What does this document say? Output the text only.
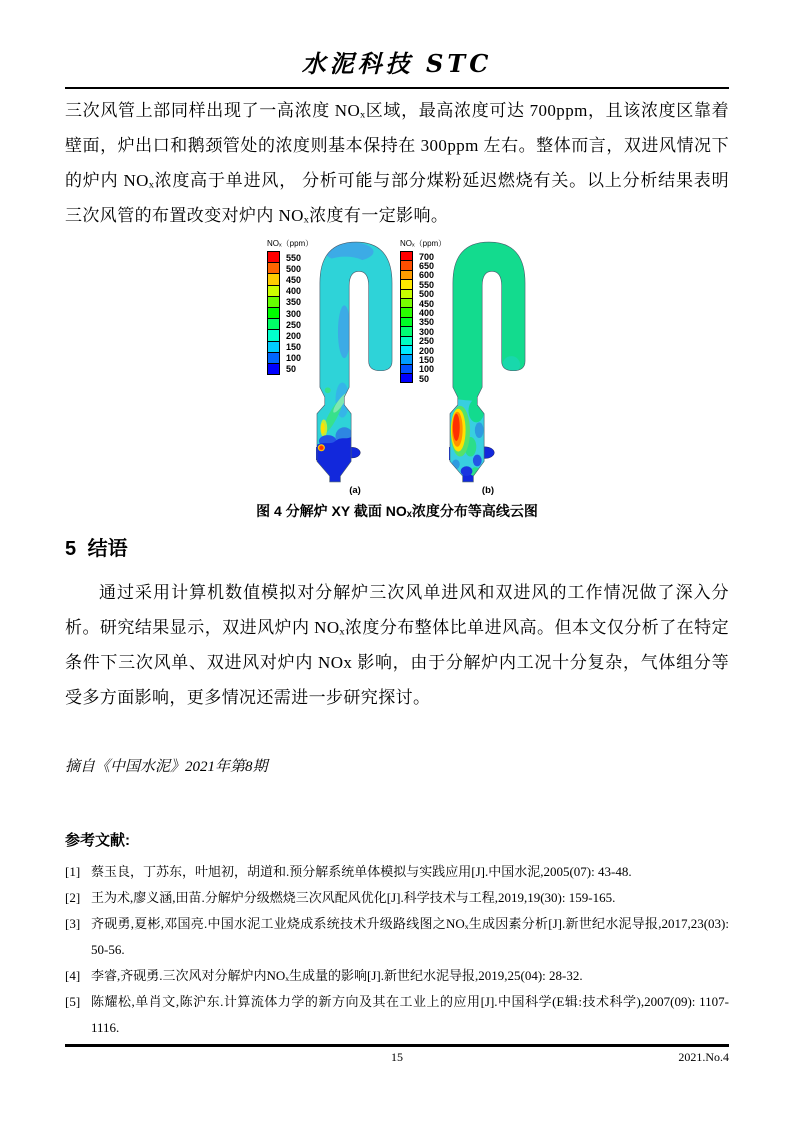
水泥科技 STC

三次风管上部同样出现了一高浓度 NOₓ区域，最高浓度可达 700ppm，且该浓度区靠着壁面，炉出口和鹅颈管处的浓度则基本保持在 300ppm 左右。整体而言，双进风情况下的炉内 NOₓ浓度高于单进风， 分析可能与部分煤粉延迟燃烧有关。以上分析结果表明三次风管的布置改变对炉内 NOₓ浓度有一定影响。

NOₓ（ppm）
550
500
450
400
350
300
250
200
150
100
50
(a)
NOₓ（ppm）
700
650
600
550
500
450
400
350
300
250
200
150
100
50
(b)
图 4 分解炉 XY 截面 NOₓ浓度分布等高线云图
5 结语

通过采用计算机数值模拟对分解炉三次风单进风和双进风的工作情况做了深入分析。研究结果显示，双进风炉内 NOₓ浓度分布整体比单进风高。但本文仅分析了在特定条件下三次风单、双进风对炉内 NOx 影响，由于分解炉内工况十分复杂，气体组分等受多方面影响，更多情况还需进一步研究探讨。

摘自《中国水泥》2021年第8期

参考文献:
[1] 蔡玉良，丁苏东，叶旭初，胡道和.预分解系统单体模拟与实践应用[J].中国水泥,2005(07): 43-48.
[2] 王为术,廖义涵,田苗.分解炉分级燃烧三次风配风优化[J].科学技术与工程,2019,19(30): 159-165.
[3] 齐砚勇,夏彬,邓国亮.中国水泥工业烧成系统技术升级路线图之NOₓ生成因素分析[J].新世纪水泥导报,2017,23(03): 50-56.
[4] 李睿,齐砚勇.三次风对分解炉内NOₓ生成量的影响[J].新世纪水泥导报,2019,25(04): 28-32.
[5] 陈耀松,单肖文,陈沪东.计算流体力学的新方向及其在工业上的应用[J].中国科学(E辑:技术科学),2007(09): 1107-1116.
15	2021.No.4
